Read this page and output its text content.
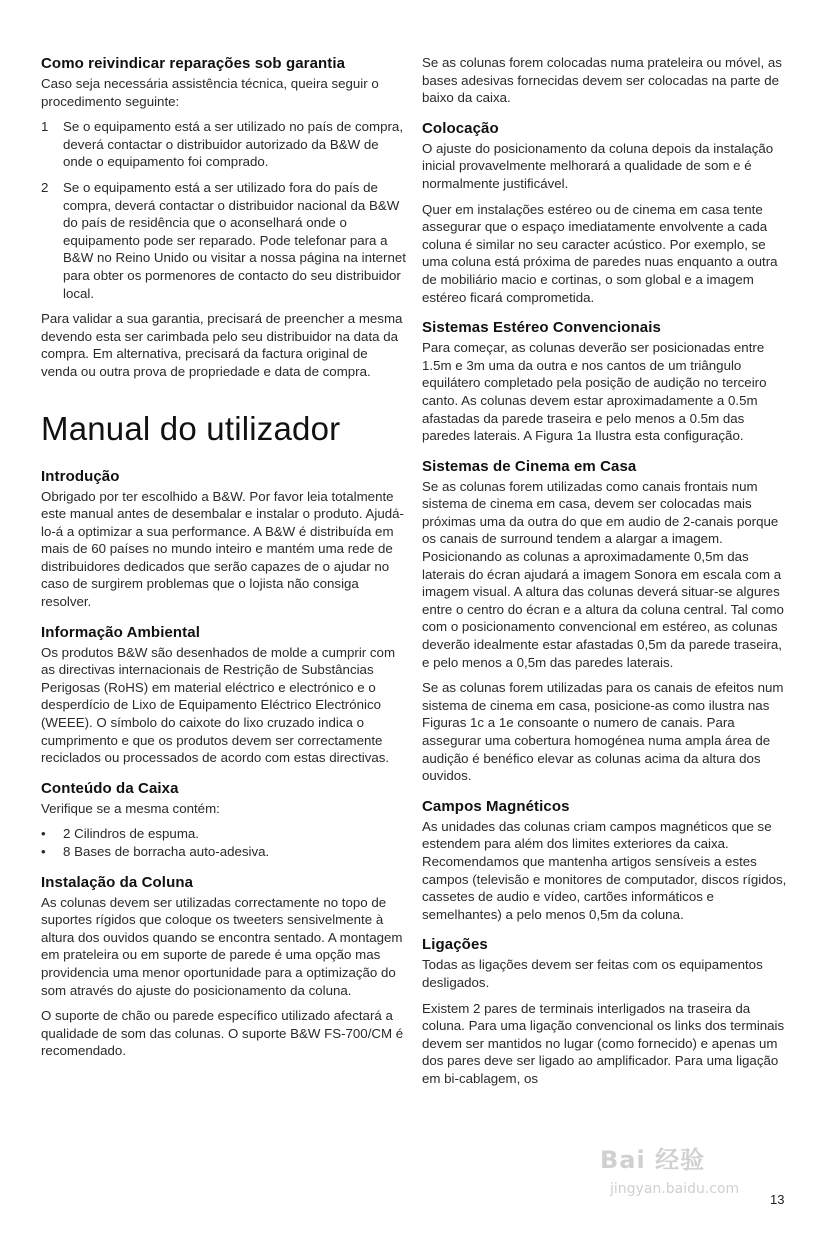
Como reivindicar reparações sob garantia

Caso seja necessária assistência técnica, queira seguir o procedimento seguinte:

1 Se o equipamento está a ser utilizado no país de compra, deverá contactar o distribuidor autorizado da B&W de onde o equipamento foi comprado.
2 Se o equipamento está a ser utilizado fora do país de compra, deverá contactar o distribuidor nacional da B&W do país de residência que o aconselhará onde o equipamento pode ser reparado. Pode telefonar para a B&W no Reino Unido ou visitar a nossa página na internet para obter os pormenores de contacto do seu distribuidor local.

Para validar a sua garantia, precisará de preencher a mesma devendo esta ser carimbada pelo seu distribuidor na data da compra. Em alternativa, precisará da factura original de venda ou outra prova de propriedade e data de compra.

Manual do utilizador
Introdução

Obrigado por ter escolhido a B&W. Por favor leia totalmente este manual antes de desembalar e instalar o produto. Ajudá-lo-á a optimizar a sua performance. A B&W é distribuída em mais de 60 países no mundo inteiro e mantém uma rede de distribuidores dedicados que serão capazes de o ajudar no caso de surgirem problemas que o lojista não consiga resolver.

Informação Ambiental

Os produtos B&W são desenhados de molde a cumprir com as directivas internacionais de Restrição de Substâncias Perigosas (RoHS) em material eléctrico e electrónico e o desperdício de Lixo de Equipamento Eléctrico Electrónico (WEEE). O símbolo do caixote do lixo cruzado indica o cumprimento e que os produtos devem ser correctamente reciclados ou processados de acordo com estas directivas.

Conteúdo da Caixa

Verifique se a mesma contém:

• 2 Cilindros de espuma.
• 8 Bases de borracha auto-adesiva.
Instalação da Coluna

As colunas devem ser utilizadas correctamente no topo de suportes rígidos que coloque os tweeters sensivelmente à altura dos ouvidos quando se encontra sentado. A montagem em prateleira ou em suporte de parede é uma opção mas providencia uma menor oportunidade para a optimização do som através do ajuste do posicionamento da coluna.

O suporte de chão ou parede específico utilizado afectará a qualidade de som das colunas. O suporte B&W FS-700/CM é recomendado.

Se as colunas forem colocadas numa prateleira ou móvel, as bases adesivas fornecidas devem ser colocadas na parte de baixo da caixa.

Colocação

O ajuste do posicionamento da coluna depois da instalação inicial provavelmente melhorará a qualidade de som e é normalmente justificável.

Quer em instalações estéreo ou de cinema em casa tente assegurar que o espaço imediatamente envolvente a cada coluna é similar no seu caracter acústico. Por exemplo, se uma coluna está próxima de paredes nuas enquanto a outra de mobiliário macio e cortinas, o som global e a imagem estéreo ficará comprometida.

Sistemas Estéreo Convencionais

Para começar, as colunas deverão ser posicionadas entre 1.5m e 3m uma da outra e nos cantos de um triângulo equilátero completado pela posição de audição no terceiro canto. As colunas devem estar aproximadamente a 0.5m afastadas da parede traseira e pelo menos a 0.5m das paredes laterais. A Figura 1a Ilustra esta configuração.

Sistemas de Cinema em Casa

Se as colunas forem utilizadas como canais frontais num sistema de cinema em casa, devem ser colocadas mais próximas uma da outra do que em audio de 2-canais porque os canais de surround tendem a alargar a imagem. Posicionando as colunas a aproximadamente 0,5m das laterais do écran ajudará a imagem Sonora em escala com a imagem visual. A altura das colunas deverá situar-se algures entre o centro do écran e a altura da coluna central. Tal como com o posicionamento convencional em estéreo, as colunas deverão idealmente estar afastadas 0,5m da parede traseira, e pelo menos a 0,5m das paredes laterais.

Se as colunas forem utilizadas para os canais de efeitos num sistema de cinema em casa, posicione-as como ilustra nas Figuras 1c a 1e consoante o numero de canais. Para assegurar uma cobertura homogénea numa ampla área de audição é benéfico elevar as colunas acima da altura dos ouvidos.

Campos Magnéticos

As unidades das colunas criam campos magnéticos que se estendem para além dos limites exteriores da caixa. Recomendamos que mantenha artigos sensíveis a estes campos (televisão e monitores de computador, discos rígidos, cassetes de audio e vídeo, cartões informáticos e semelhantes) a pelo menos 0,5m da coluna.

Ligações

Todas as ligações devem ser feitas com os equipamentos desligados.

Existem 2 pares de terminais interligados na traseira da coluna. Para uma ligação convencional os links dos terminais devem ser mantidos no lugar (como fornecido) e apenas um dos pares deve ser ligado ao amplificador. Para uma ligação em bi-cablagem, os

Bai 经验
jingyan.baidu.com
13
